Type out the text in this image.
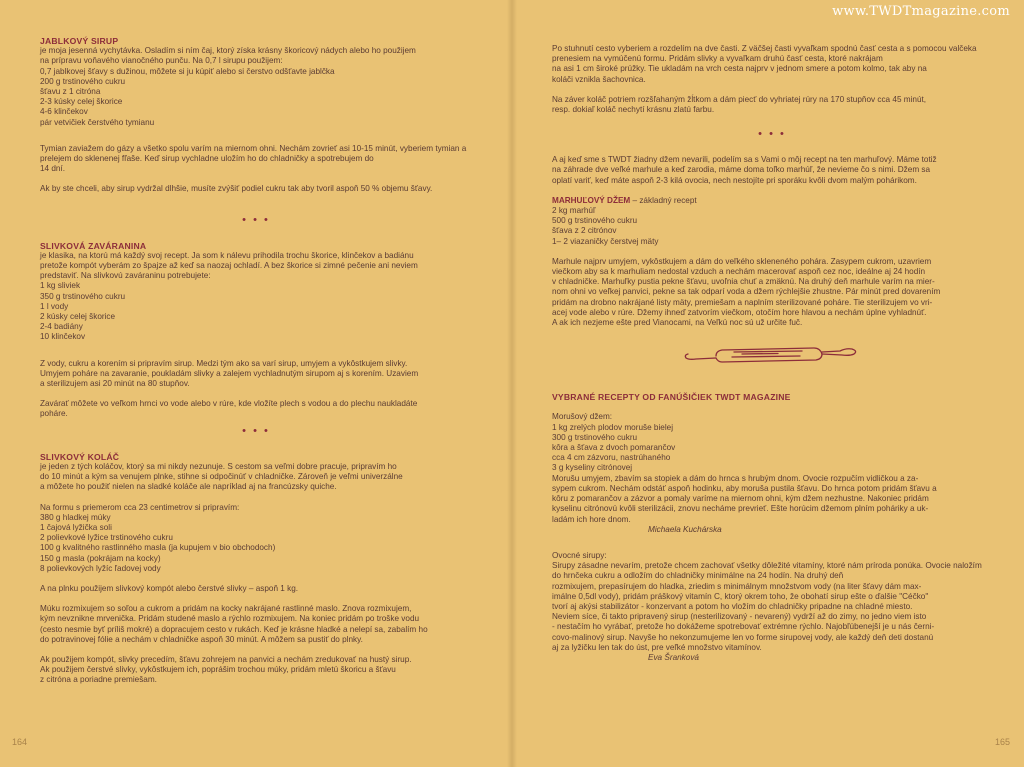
JABLKOVÝ SIRUP

je moja jesenná vychytávka. Osladím si ním čaj, ktorý získa krásny škoricový nádych alebo ho použijem

na prípravu voňavého vianočného punču. Na 0,7 l sirupu použijem:

0,7 jablkovej šťavy s dužinou, môžete si ju kúpiť alebo si čerstvo odšťavte jablčka

200 g trstinového cukru

šťavu z 1 citróna

2-3 kúsky celej škorice

4-6 klinčekov

pár vetvičiek čerstvého tymianu

Tymian zaviažem do gázy a všetko spolu varím na miernom ohni. Nechám zovrieť asi 10-15 minút, vyberiem tymian a prelejem do sklenenej fľaše. Keď sirup vychladne uložím ho do chladničky a spotrebujem do

14 dní.

Ak by ste chceli, aby sirup vydržal dlhšie, musíte zvýšiť podiel cukru tak aby tvoril aspoň 50 % objemu šťavy.

• • •

SLIVKOVÁ ZAVÁRANINA

je klasika, na ktorú má každý svoj recept. Ja som k nálevu prihodila trochu škorice, klinčekov a badiánu

pretože kompót vyberám zo špajze až keď sa naozaj ochladí. A bez škorice si zimné pečenie ani neviem

predstaviť. Na slivkovú zaváraninu potrebujete:

1 kg sliviek

350 g trstinového cukru

1 l vody

2 kúsky celej škorice

2-4 badiány

10 klinčekov

Z vody, cukru a korením si pripravím sirup. Medzi tým ako sa varí sirup, umyjem a vykôstkujem slivky.

Umyjem poháre na zavaranie, poukladám slivky a zalejem vychladnutým sirupom aj s korením. Uzaviem

a sterilizujem asi 20 minút na 80 stupňov.

Zavárať môžete vo veľkom hrnci vo vode alebo v rúre, kde vložíte plech s vodou a do plechu naukladáte

poháre.

• • •

SLIVKOVÝ KOLÁČ

je jeden z tých koláčov, ktorý sa mi nikdy nezunuje. S cestom sa veľmi dobre pracuje, pripravím ho

do 10 minút a kým sa venujem plnke, stihne si odpočinúť v chladničke. Zároveň je veľmi univerzálne

a môžete ho použiť nielen na sladké koláče ale napríklad aj na francúzsky quiche.

Na formu s priemerom cca 23 centimetrov si pripravím:

380 g hladkej múky

1 čajová lyžička soli

2 polievkové lyžice trstinového cukru

100 g kvalitného rastlinného masla (ja kupujem v bio obchodoch)

150 g masla (pokrájam na kocky)

8 polievkových lyžíc ľadovej vody

A na plnku použijem slivkový kompót alebo čerstvé slivky – aspoň 1 kg.

Múku rozmixujem so soľou a cukrom a pridám na kocky nakrájané rastlinné maslo. Znova rozmixujem,

kým nevznikne mrvenička. Pridám studené maslo a rýchlo rozmixujem. Na koniec pridám po troške vodu

(cesto nesmie byť príliš mokré) a dopracujem cesto v rukách. Keď je krásne hladké a nelepí sa, zabalím ho

do potravinovej fólie a nechám v chladničke aspoň 30 minút. A môžem sa pustiť do plnky.

Ak použijem kompót, slivky precedím, šťavu zohrejem na panvici a nechám zredukovať na hustý sirup.

Ak použijem čerstvé slivky, vykôstkujem ich, poprášim trochou múky, pridám mletú škoricu a šťavu

z citróna a poriadne premiešam.

164
www.TWDTmagazine.com

Po stuhnutí cesto vyberiem a rozdelím na dve časti. Z väčšej časti vyvaľkam spodnú časť cesta a s pomocou valčeka prenesiem na vymúčenú formu. Pridám slivky a vyvaľkam druhú časť cesta, ktoré nakrájam

na asi 1 cm široké prúžky. Tie ukladám na vrch cesta najprv v jednom smere a potom kolmo, tak aby na

koláči vznikla šachovnica.

Na záver koláč potriem rozšľahaným žĺtkom a dám piecť do vyhriatej rúry na 170 stupňov cca 45 minút,

resp. dokiaľ koláč nechytí krásnu zlatú farbu.

• • •

A aj keď sme s TWDT žiadny džem nevarili, podelím sa s Vami o môj recept na ten marhuľový. Máme totiž

na záhrade dve veľké marhule a keď zarodia, máme doma toľko marhúľ, že nevieme čo s nimi. Džem sa

oplatí variť, keď máte aspoň 2-3 kilá ovocia, nech nestojíte pri sporáku kvôli dvom malým pohárikom.

MARHUĽOVÝ DŽEM – základný recept

2 kg marhúľ

500 g trstinového cukru

šťava z 2 citrónov

1– 2 viazaničky čerstvej mäty

Marhule najprv umyjem, vykôstkujem a dám do veľkého skleneného pohára. Zasypem cukrom, uzavriem

viečkom aby sa k marhuliam nedostal vzduch a nechám macerovať aspoň cez noc, ideálne aj 24 hodín

v chladničke. Marhuľky pustia pekne šťavu, uvoľnia chuť a zmäknú. Na druhý deň marhule varím na mier-

nom ohni vo veľkej panvici, pekne sa tak odparí voda a džem rýchlejšie zhustne. Pár minút pred dovarením

pridám na drobno nakrájané listy mäty, premiešam a naplním sterilizované poháre. Tie sterilizujem vo vri-

acej vode alebo v rúre. Džemy ihneď zatvorím viečkom, otočím hore hlavou a nechám úplne vyhladnúť.

A ak ich nezjeme ešte pred Vianocami, na Veľkú noc sú už určite fuč.

VYBRANÉ RECEPTY OD FANÚŠIČIEK TWDT MAGAZINE

Morušový džem:

1 kg zrelých plodov moruše bielej

300 g trstinového cukru

kôra a šťava z dvoch pomarančov

cca 4 cm zázvoru, nastrúhaného

3 g kyseliny citrónovej

Morušu umyjem, zbavím sa stopiek a dám do hrnca s hrubým dnom. Ovocie rozpučím vidličkou a za-

sypem cukrom. Nechám odstáť aspoň hodinku, aby moruša pustila šťavu. Do hrnca potom pridám šťavu a

kôru z pomarančov a zázvor a pomaly varíme na miernom ohni, kým džem nezhustne. Nakoniec pridám

kyselinu citrónovú kvôli sterilizácii, znovu necháme prevrieť. Ešte horúcim džemom plním poháriky a uk-

ladám ich hore dnom.

Michaela Kuchárska

Ovocné sirupy:

Sirupy zásadne nevarím, pretože chcem zachovať všetky dôležité vitamíny, ktoré nám príroda ponúka. Ovocie naložím do hrnčeka cukru a odložím do chladničky minimálne na 24 hodín. Na druhý deň

rozmixujem, prepasírujem do hladka, zriedim s minimálnym množstvom vody (na liter šťavy dám max-

imálne 0,5dl vody), pridám práškový vitamín C, ktorý okrem toho, že obohatí sirup ešte o ďalšie "Céčko"

tvorí aj akýsi stabilizátor - konzervant a potom ho vložím do chladničky pripadne na chladné miesto.

Neviem síce, či takto pripravený sirup (nesterilizovaný - nevarený) vydrží až do zimy, no jedno viem isto

- nestačím ho vyrábať, pretože ho dokážeme spotrebovať extrémne rýchlo. Najobľúbenejší je u nás černi-

covo-malinový sirup. Navyše ho nekonzumujeme len vo forme sirupovej vody, ale každý deň deti dostanú

aj za lyžičku len tak do úst, pre veľké množstvo vitamínov.

Eva Šranková

165
